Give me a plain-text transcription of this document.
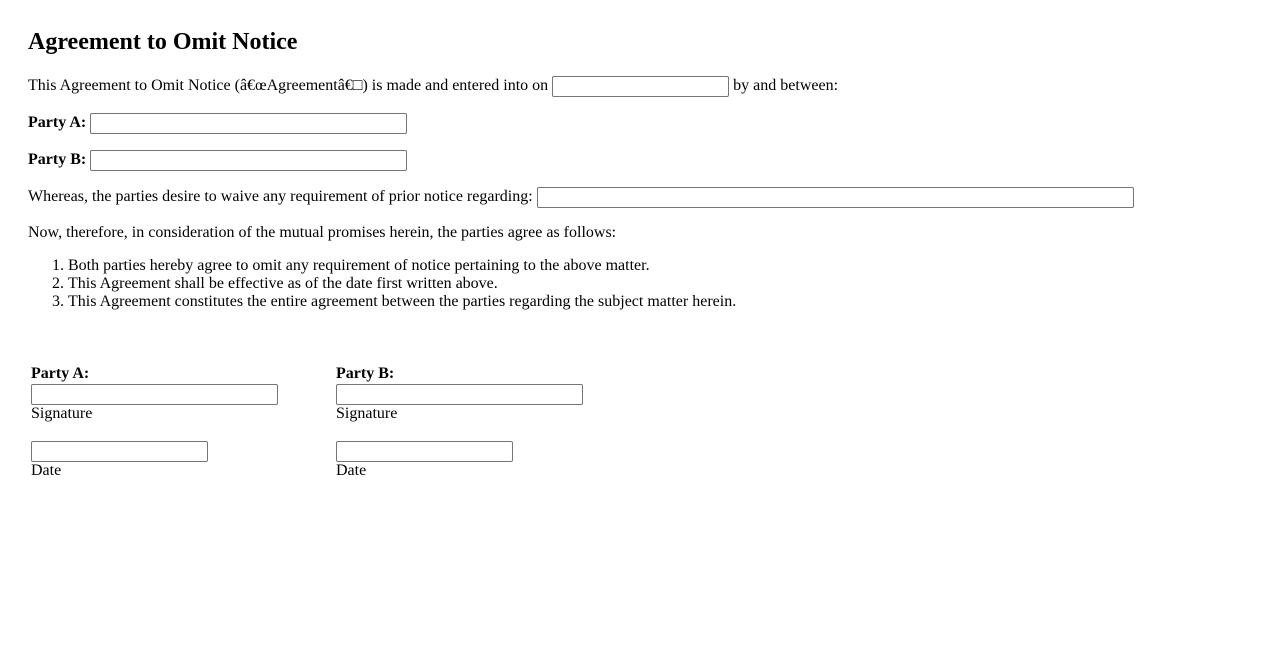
Agreement to Omit Notice
This Agreement to Omit Notice (â€œAgreementâ€□) is made and entered into on	by and between:
Party A:
Party B:
Whereas, the parties desire to waive any requirement of prior notice regarding:
Now, therefore, in consideration of the mutual promises herein, the parties agree as follows:
1. Both parties hereby agree to omit any requirement of notice pertaining to the above matter.
2. This Agreement shall be effective as of the date first written above.
3. This Agreement constitutes the entire agreement between the parties regarding the subject matter herein.
Party A:
Signature
Date
Party B:
Signature
Date
